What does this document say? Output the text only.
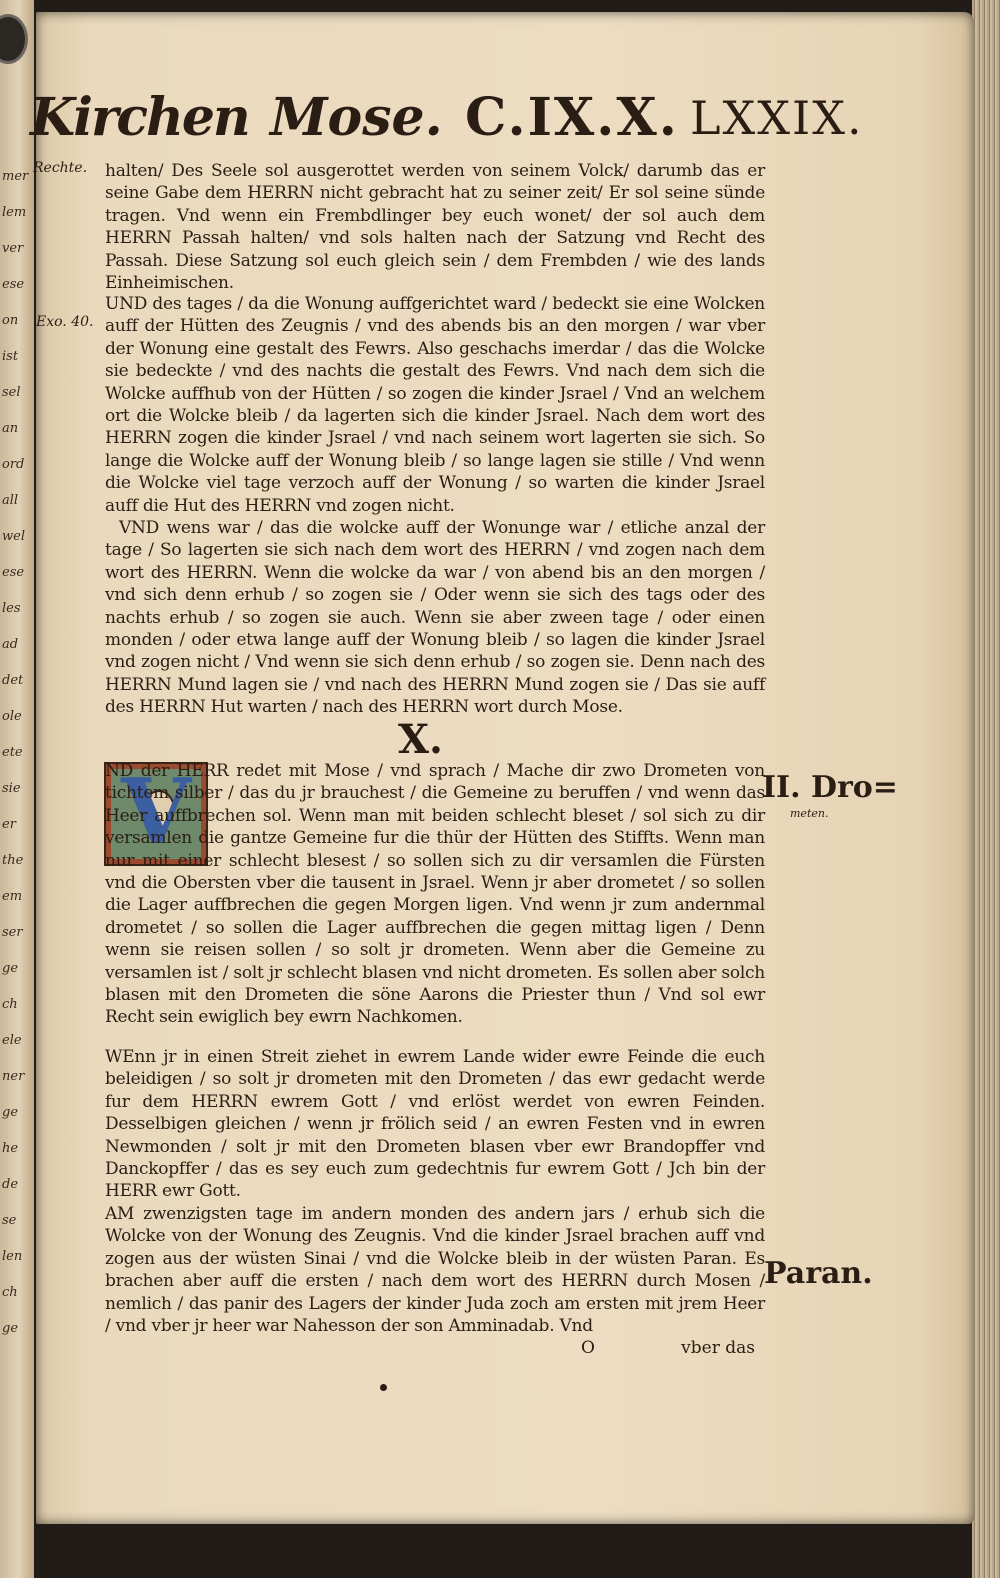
mer
lem
ver
ese
on
ist
sel
an
ord
all
wel
ese
les
ad
det
ole
ete
sie
er
the
em
ser
ge
ch
ele
ner
ge
he
de
se
len
ch
ge
Kirchen Mose. C.IX.X. LXXIX.
Rechte.
Exo. 40.
II. Dro=
meten.
Paran.

halten/ Des Seele sol ausgerottet werden von seinem Volck/ darumb das er seine Gabe dem HERRN nicht gebracht hat zu seiner zeit/ Er sol seine sünde tragen. Vnd wenn ein Frembdlinger bey euch wonet/ der sol auch dem HERRN Passah halten/ vnd sols halten nach der Satzung vnd Recht des Passah. Diese Satzung sol euch gleich sein / dem Frembden / wie des lands Einheimischen.

UND des tages / da die Wonung auffgerichtet ward / bedeckt sie eine Wolcken auff der Hütten des Zeugnis / vnd des abends bis an den morgen / war vber der Wonung eine gestalt des Fewrs. Also geschachs imerdar / das die Wolcke sie bedeckte / vnd des nachts die gestalt des Fewrs. Vnd nach dem sich die Wolcke auffhub von der Hütten / so zogen die kinder Jsrael / Vnd an welchem ort die Wolcke bleib / da lagerten sich die kinder Jsrael. Nach dem wort des HERRN zogen die kinder Jsrael / vnd nach seinem wort lagerten sie sich. So lange die Wolcke auff der Wonung bleib / so lange lagen sie stille / Vnd wenn die Wolcke viel tage verzoch auff der Wonung / so warten die kinder Jsrael auff die Hut des HERRN vnd zogen nicht.

VND wens war / das die wolcke auff der Wonunge war / etliche anzal der tage / So lagerten sie sich nach dem wort des HERRN / vnd zogen nach dem wort des HERRN. Wenn die wolcke da war / von abend bis an den morgen / vnd sich denn erhub / so zogen sie / Oder wenn sie sich des tags oder des nachts erhub / so zogen sie auch. Wenn sie aber zween tage / oder einen monden / oder etwa lange auff der Wonung bleib / so lagen die kinder Jsrael vnd zogen nicht / Vnd wenn sie sich denn erhub / so zogen sie. Denn nach des HERRN Mund lagen sie / vnd nach des HERRN Mund zogen sie / Das sie auff des HERRN Hut warten / nach des HERRN wort durch Mose.

X.
V

ND der HERR redet mit Mose / vnd sprach / Mache dir zwo Drometen von tichtem silber / das du jr brauchest / die Gemeine zu beruffen / vnd wenn das Heer auffbrechen sol. Wenn man mit beiden schlecht bleset / sol sich zu dir versamlen die gantze Gemeine fur die thür der Hütten des Stiffts. Wenn man nur mit einer schlecht blesest / so sollen sich zu dir versamlen die Fürsten vnd die Obersten vber die tausent in Jsrael. Wenn jr aber drometet / so sollen die Lager auffbrechen die gegen Morgen ligen. Vnd wenn jr zum andernmal drometet / so sollen die Lager auffbrechen die gegen mittag ligen / Denn wenn sie reisen sollen / so solt jr drometen. Wenn aber die Gemeine zu versamlen ist / solt jr schlecht blasen vnd nicht drometen. Es sollen aber solch blasen mit den Drometen die söne Aarons die Priester thun / Vnd sol ewr Recht sein ewiglich bey ewrn Nachkomen.

WEnn jr in einen Streit ziehet in ewrem Lande wider ewre Feinde die euch beleidigen / so solt jr drometen mit den Drometen / das ewr gedacht werde fur dem HERRN ewrem Gott / vnd erlöst werdet von ewren Feinden. Desselbigen gleichen / wenn jr frölich seid / an ewren Festen vnd in ewren Newmonden / solt jr mit den Drometen blasen vber ewr Brandopffer vnd Danckopffer / das es sey euch zum gedechtnis fur ewrem Gott / Jch bin der HERR ewr Gott.

AM zwenzigsten tage im andern monden des andern jars / erhub sich die Wolcke von der Wonung des Zeugnis. Vnd die kinder Jsrael brachen auff vnd zogen aus der wüsten Sinai / vnd die Wolcke bleib in der wüsten Paran. Es brachen aber auff die ersten / nach dem wort des HERRN durch Mosen / nemlich / das panir des Lagers der kinder Juda zoch am ersten mit jrem Heer / vnd vber jr heer war Nahesson der son Amminadab. Vnd

O	vber das
